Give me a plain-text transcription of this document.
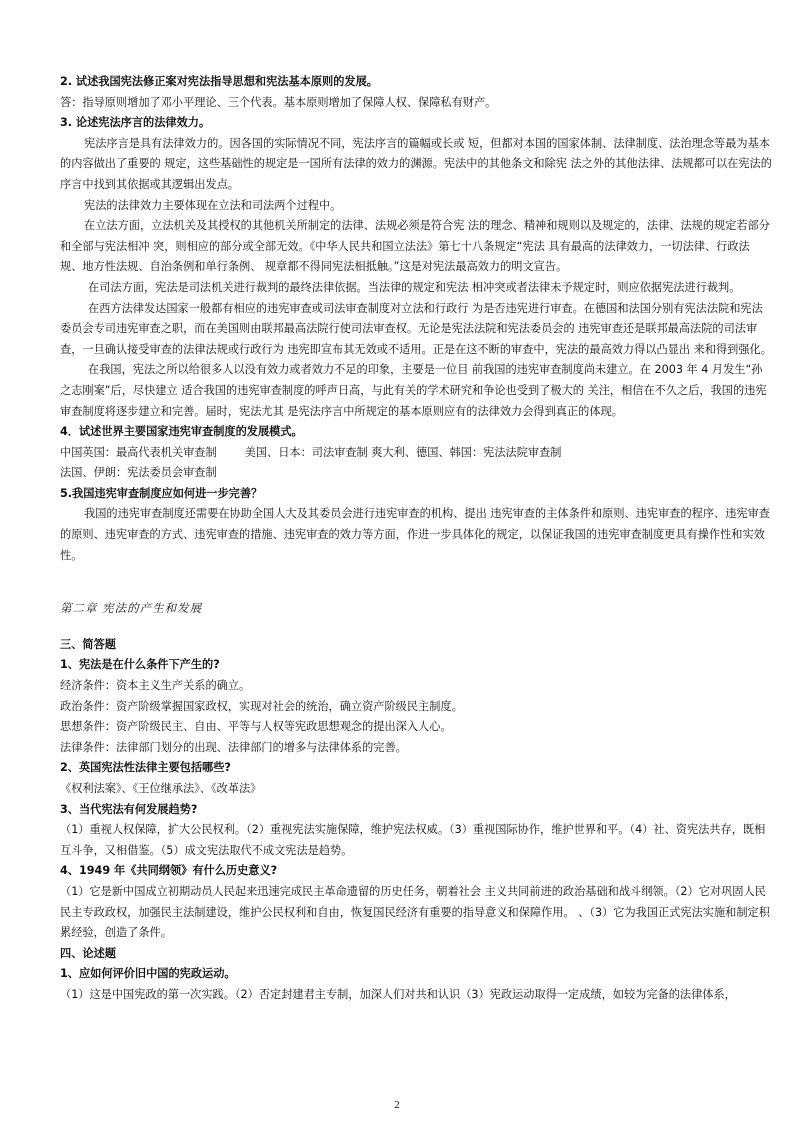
2. 试述我国宪法修正案对宪法指导思想和宪法基本原则的发展。

答：指导原则增加了邓小平理论、三个代表。基本原则增加了保障人权、保障私有财产。

3. 论述宪法序言的法律效力。

宪法序言是具有法律效力的。因各国的实际情况不同，宪法序言的篇幅或长或 短，但都对本国的国家体制、法律制度、法治理念等最为基本的内容做出了重要的 规定，这些基础性的规定是一国所有法律的效力的渊源。宪法中的其他条文和除宪 法之外的其他法律、法规都可以在宪法的序言中找到其依据或其逻辑出发点。

宪法的法律效力主要体现在立法和司法两个过程中。

在立法方面，立法机关及其授权的其他机关所制定的法律、法规必须是符合宪 法的理念、精神和规则以及规定的，法律、法规的规定若部分和全部与宪法相冲 突，则相应的部分或全部无效。《中华人民共和国立法法》第七十八条规定“宪法 具有最高的法律效力，一切法律、行政法规、地方性法规、自治条例和单行条例、 规章都不得同宪法相抵触。”这是对宪法最高效力的明文宣告。

在司法方面，宪法是司法机关进行裁判的最终法律依据。当法律的规定和宪法 相冲突或者法律未予规定时，则应依据宪法进行裁判。

在西方法律发达国家一般都有相应的违宪审查或司法审查制度对立法和行政行 为是否违宪进行审查。在德国和法国分别有宪法法院和宪法委员会专司违宪审查之职，而在美国则由联邦最高法院行使司法审查权。无论是宪法法院和宪法委员会的 违宪审查还是联邦最高法院的司法审查，一旦确认接受审查的法律法规或行政行为 违宪即宣布其无效或不适用。正是在这不断的审查中，宪法的最高效力得以凸显出 来和得到强化。

在我国，宪法之所以给很多人以没有效力或者效力不足的印象，主要是一位目 前我国的违宪审查制度尚未建立。在 2003 年 4 月发生“孙之志刚案”后，尽快建立 适合我国的违宪审查制度的呼声日高，与此有关的学术研究和争论也受到了极大的 关注，相信在不久之后，我国的违宪审查制度将逐步建立和完善。届时，宪法尤其 是宪法序言中所规定的基本原则应有的法律效力会得到真正的体现。

4．试述世界主要国家违宪审查制度的发展模式。

中国英国：最高代表机关审查制	美国、日本：司法审查制 爽大利、德国、韩国：宪法法院审查制

法国、伊朗：宪法委员会审查制

5.我国违宪审查制度应如何进一步完善？

我国的违宪审查制度还需要在协助全国人大及其委员会进行违宪审查的机构、提出 违宪审查的主体条件和原则、违宪审查的程序、违宪审查的原则、违宪审查的方式、违宪审查的措施、违宪审查的效力等方面，作进一步具体化的规定，以保证我国的违宪审查制度更具有操作性和实效性。

第二章 宪法的产生和发展

三、简答题

1、宪法是在什么条件下产生的?

经济条件：资本主义生产关系的确立。

政治条件：资产阶级掌握国家政权，实现对社会的统治，确立资产阶级民主制度。

思想条件：资产阶级民主、自由、平等与人权等宪政思想观念的提出深入人心。

法律条件：法律部门划分的出现、法律部门的增多与法律体系的完善。

2、英国宪法性法律主要包括哪些?

《权利法案》、《王位继承法》、《改革法》

3、当代宪法有何发展趋势?

（1）重视人权保障，扩大公民权利。（2）重视宪法实施保障，维护宪法权威。（3）重视国际协作，维护世界和平。（4）社、资宪法共存，既相互斗争，又相借鉴。（5）成文宪法取代不成文宪法是趋势。

4、1949 年《共同纲领》有什么历史意义?

（1）它是新中国成立初期动员人民起来迅速完成民主革命遗留的历史任务，朝着社会 主义共同前进的政治基础和战斗纲领。（2）它对巩固人民民主专政政权，加强民主法制建设，维护公民权利和自由，恢复国民经济有重要的指导意义和保障作用。 、（3）它为我国正式宪法实施和制定积累经验，创造了条件。

四、论述题

1、应如何评价旧中国的宪政运动。

（1）这是中国宪政的第一次实践。（2）否定封建君主专制，加深人们对共和认识（3）宪政运动取得一定成绩，如较为完备的法律体系，

2
